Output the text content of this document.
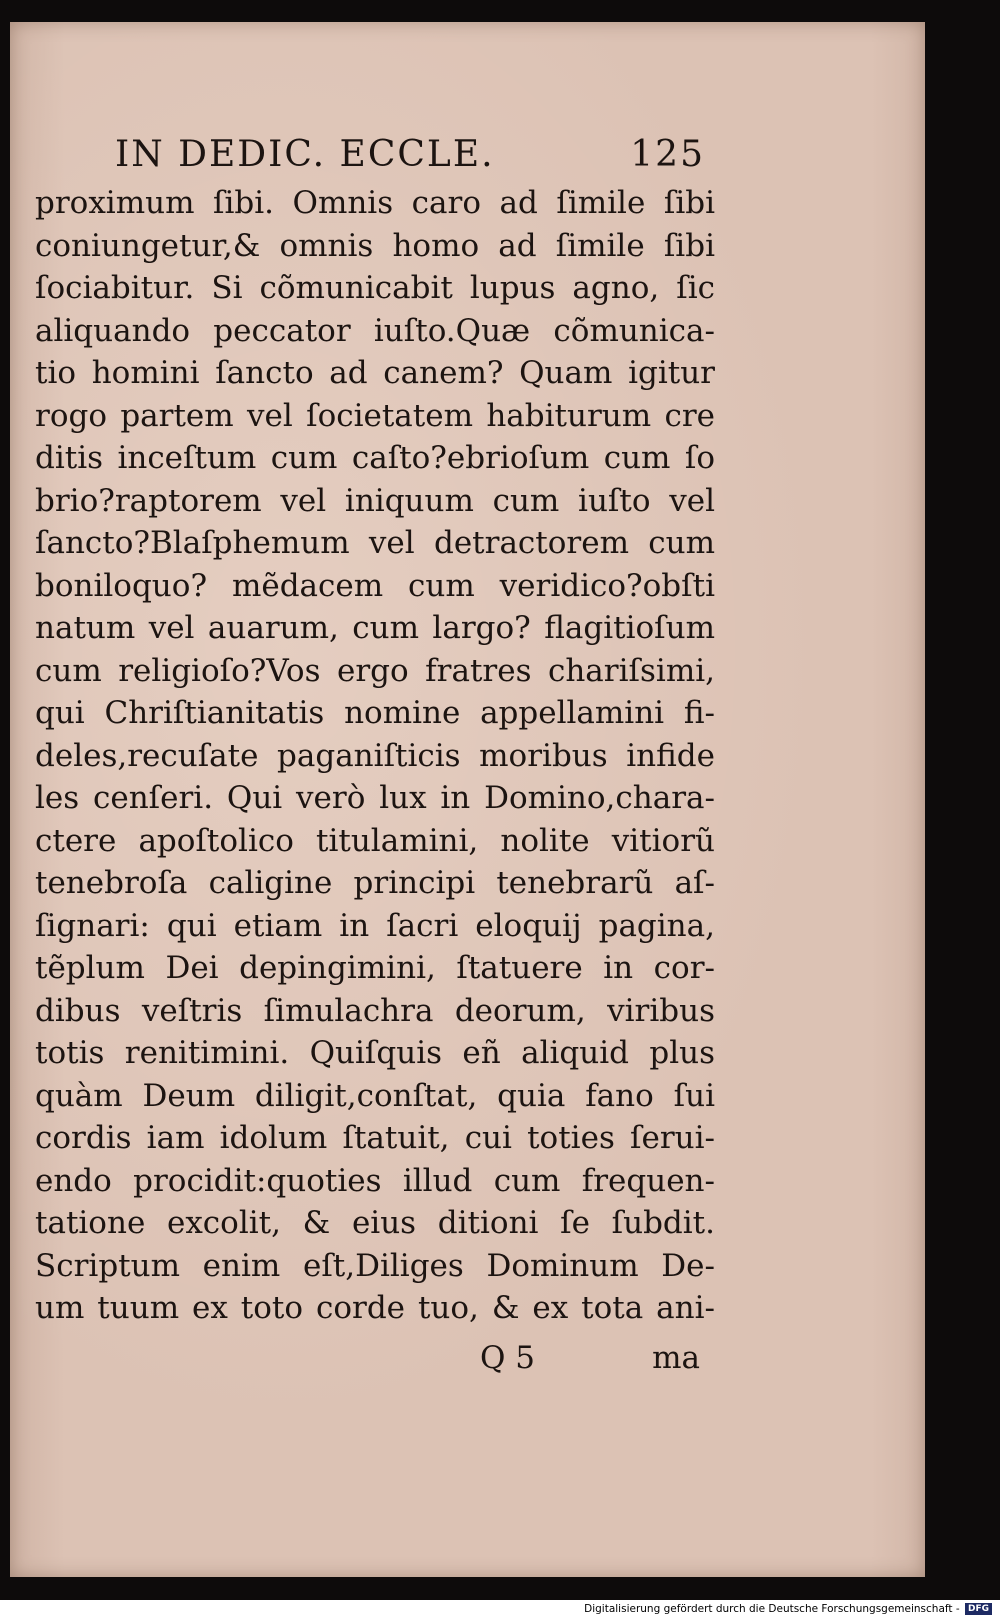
IN DEDIC. ECCLE.	125
proximum ſibi. Omnis caro ad ſimile ſibi
coniungetur,& omnis homo ad ſimile ſibi
ſociabitur. Si cõmunicabit lupus agno, ſic
aliquando peccator iuſto.Quæ cõmunica-
tio homini ſancto ad canem? Quam igitur
rogo partem vel ſocietatem habiturum cre
ditis inceſtum cum caſto?ebrioſum cum ſo
brio?raptorem vel iniquum cum iuſto vel
ſancto?Blaſphemum vel detractorem cum
boniloquo? mẽdacem cum veridico?obſti
natum vel auarum, cum largo? flagitioſum
cum religioſo?Vos ergo fratres chariſsimi,
qui Chriſtianitatis nomine appellamini fi-
deles,recuſate paganiſticis moribus infide
les cenſeri. Qui verò lux in Domino,chara-
ctere apoſtolico titulamini, nolite vitiorũ
tenebroſa caligine principi tenebrarũ aſ-
ſignari: qui etiam in ſacri eloquij pagina,
tẽplum Dei depingimini, ſtatuere in cor-
dibus veſtris ſimulachra deorum, viribus
totis renitimini. Quiſquis eñ aliquid plus
quàm Deum diligit,conſtat, quia fano ſui
cordis iam idolum ſtatuit, cui toties ſerui-
endo procidit:quoties illud cum frequen-
tatione excolit, & eius ditioni ſe ſubdit.
Scriptum enim eſt,Diliges Dominum De-
um tuum ex toto corde tuo, & ex tota ani-
Q 5	ma
Digitalisierung gefördert durch die Deutsche Forschungsgemeinschaft - DFG
